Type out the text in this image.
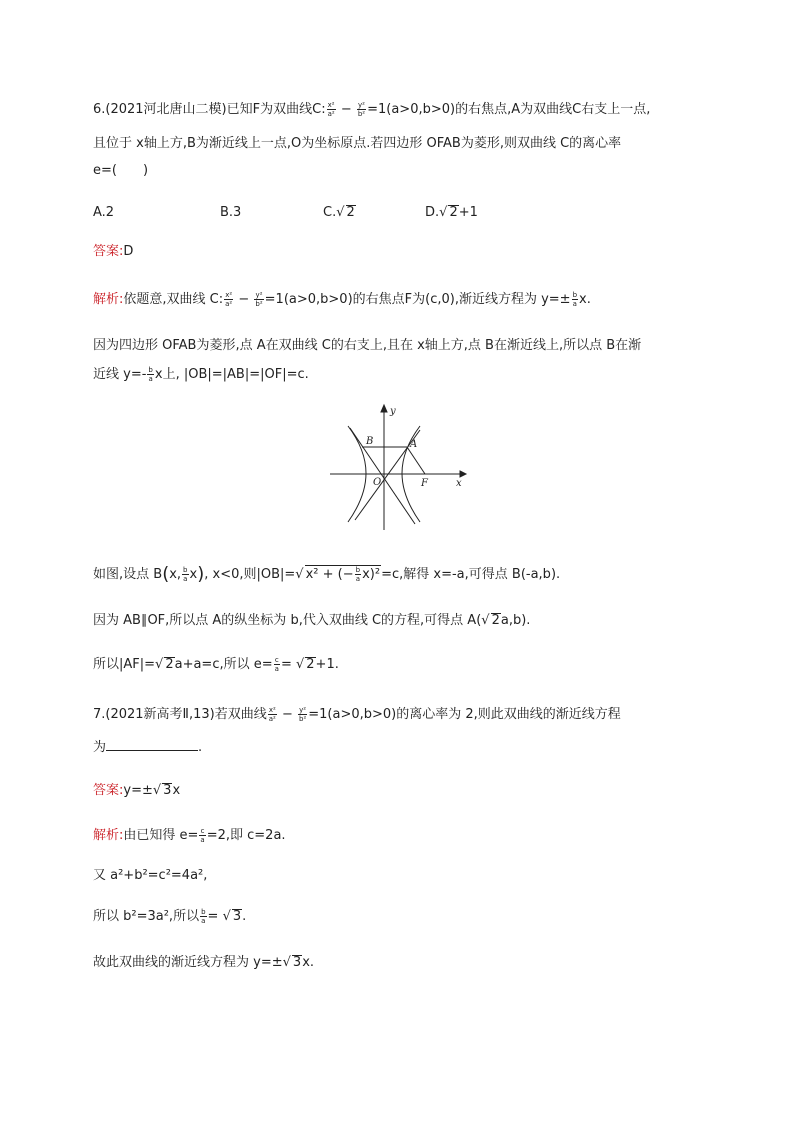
6.(2021河北唐山二模)已知F为双曲线C: $\frac{\text{x²}}{\text{a²}} - \frac{\text{y²}}{\text{b²}} =1(a>0,b>0)$的右焦点,A为双曲线C右支上一点,
且位于 x轴上方,B为渐近线上一点,O为坐标原点.若四边形 OFAB为菱形,则双曲线 C的离心率
e=(　　)
A.2	B.3	C.√ 2	D.√ 2+1
答案:D
解析:依题意,双曲线 C: $\frac{\text{x²}}{\text{a²}} - \frac{\text{y²}}{\text{b²}} =1(a>0,b>0)$的右焦点F为(c,0),渐近线方程为 $y=\pm \frac{b}{a} x$.
因为四边形 OFAB为菱形,点 A在双曲线 C的右支上,且在 x轴上方,点 B在渐近线上,所以点 B在渐
近线 $y=- \frac{b}{a}$ x上, |OB|=|AB|=|OF|=c.
y
x
B	A
O	F
如图,设点 B(x, $\frac{b}{a} x$), x<0,则|OB|=√ x² + (− $\frac{b}{a} x)^2=c$,解得 x=-a,可得点 B(-a,b).
因为 AB∥OF,所以点 A的纵坐标为 b,代入双曲线 C的方程,可得点 A(√ 2a,b).
所以|AF|=√ 2a+a=c,所以 $e= \frac{c}{a}$ = √ 2+1.
7.(2021新高考Ⅱ,13)若双曲线 $\frac{\text{x²}}{\text{a²}} - \frac{\text{y²}}{\text{b²}} =1(a>0,b>0)$的离心率为 2,则此双曲线的渐近线方程
为	.
答案:y=±√ 3x
解析:由已知得 $e= \frac{c}{a} =2$,即 c=2a.
又 a²+b²=c²=4a²,
所以 b²=3a²,所以 $\frac{b}{a}$ = √ 3.
故此双曲线的渐近线方程为 y=±√ 3x.
